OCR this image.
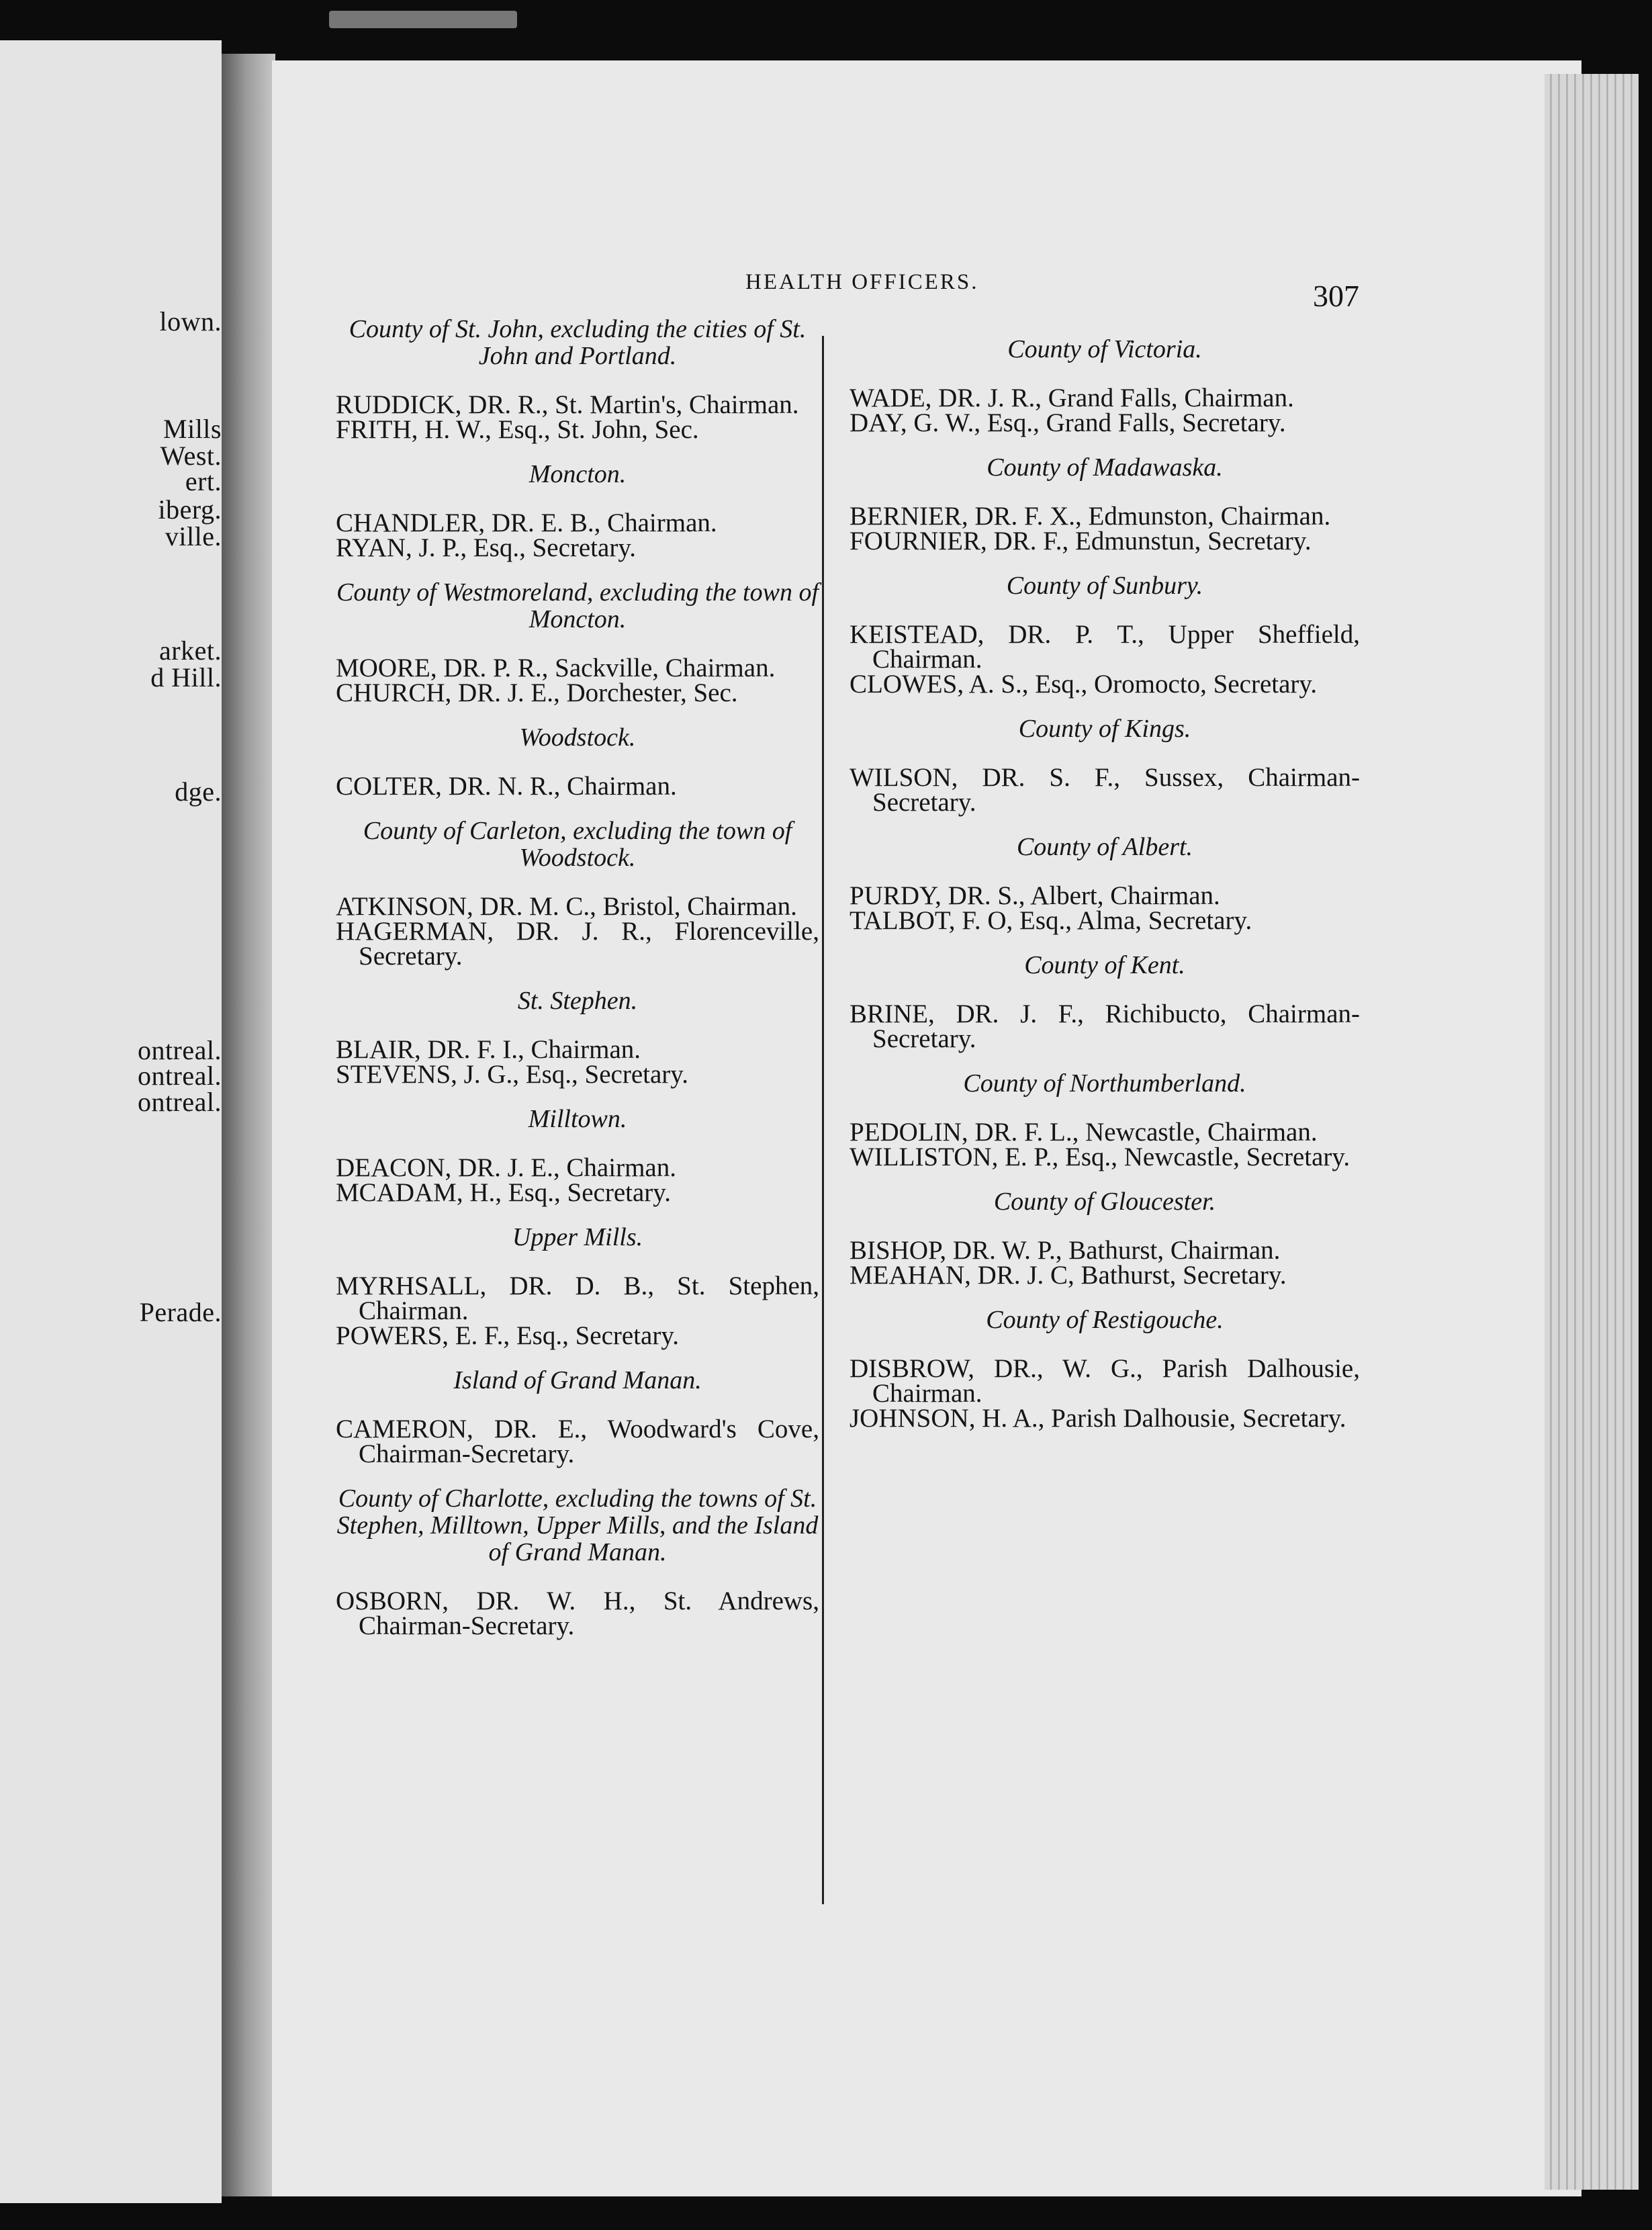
lown.
Mills
West.
ert.
iberg.
ville.
arket.
d Hill.
dge.
ontreal.
ontreal.
ontreal.
Perade.
HEALTH OFFICERS.	307
County of St. John, excluding the cities of St. John and Portland.
RUDDICK, DR. R., St. Martin's, Chairman.
FRITH, H. W., Esq., St. John, Sec.
Moncton.
CHANDLER, DR. E. B., Chairman.
RYAN, J. P., Esq., Secretary.
County of Westmoreland, excluding the town of Moncton.
MOORE, DR. P. R., Sackville, Chairman.
CHURCH, DR. J. E., Dorchester, Sec.
Woodstock.
COLTER, DR. N. R., Chairman.
County of Carleton, excluding the town of Woodstock.
ATKINSON, DR. M. C., Bristol, Chairman.
HAGERMAN, DR. J. R., Florenceville, Secretary.
St. Stephen.
BLAIR, DR. F. I., Chairman.
STEVENS, J. G., Esq., Secretary.
Milltown.
DEACON, DR. J. E., Chairman.
MCADAM, H., Esq., Secretary.
Upper Mills.
MYRHSALL, DR. D. B., St. Stephen, Chairman.
POWERS, E. F., Esq., Secretary.
Island of Grand Manan.
CAMERON, DR. E., Woodward's Cove, Chairman-Secretary.
County of Charlotte, excluding the towns of St. Stephen, Milltown, Upper Mills, and the Island of Grand Manan.
OSBORN, DR. W. H., St. Andrews, Chairman-Secretary.
County of Victoria.
WADE, DR. J. R., Grand Falls, Chairman.
DAY, G. W., Esq., Grand Falls, Secretary.
County of Madawaska.
BERNIER, DR. F. X., Edmunston, Chairman.
FOURNIER, DR. F., Edmunstun, Secretary.
County of Sunbury.
KEISTEAD, DR. P. T., Upper Sheffield, Chairman.
CLOWES, A. S., Esq., Oromocto, Secretary.
County of Kings.
WILSON, DR. S. F., Sussex, Chairman-Secretary.
County of Albert.
PURDY, DR. S., Albert, Chairman.
TALBOT, F. O, Esq., Alma, Secretary.
County of Kent.
BRINE, DR. J. F., Richibucto, Chairman-Secretary.
County of Northumberland.
PEDOLIN, DR. F. L., Newcastle, Chairman.
WILLISTON, E. P., Esq., Newcastle, Secretary.
County of Gloucester.
BISHOP, DR. W. P., Bathurst, Chairman.
MEAHAN, DR. J. C, Bathurst, Secretary.
County of Restigouche.
DISBROW, DR., W. G., Parish Dalhousie, Chairman.
JOHNSON, H. A., Parish Dalhousie, Secretary.
